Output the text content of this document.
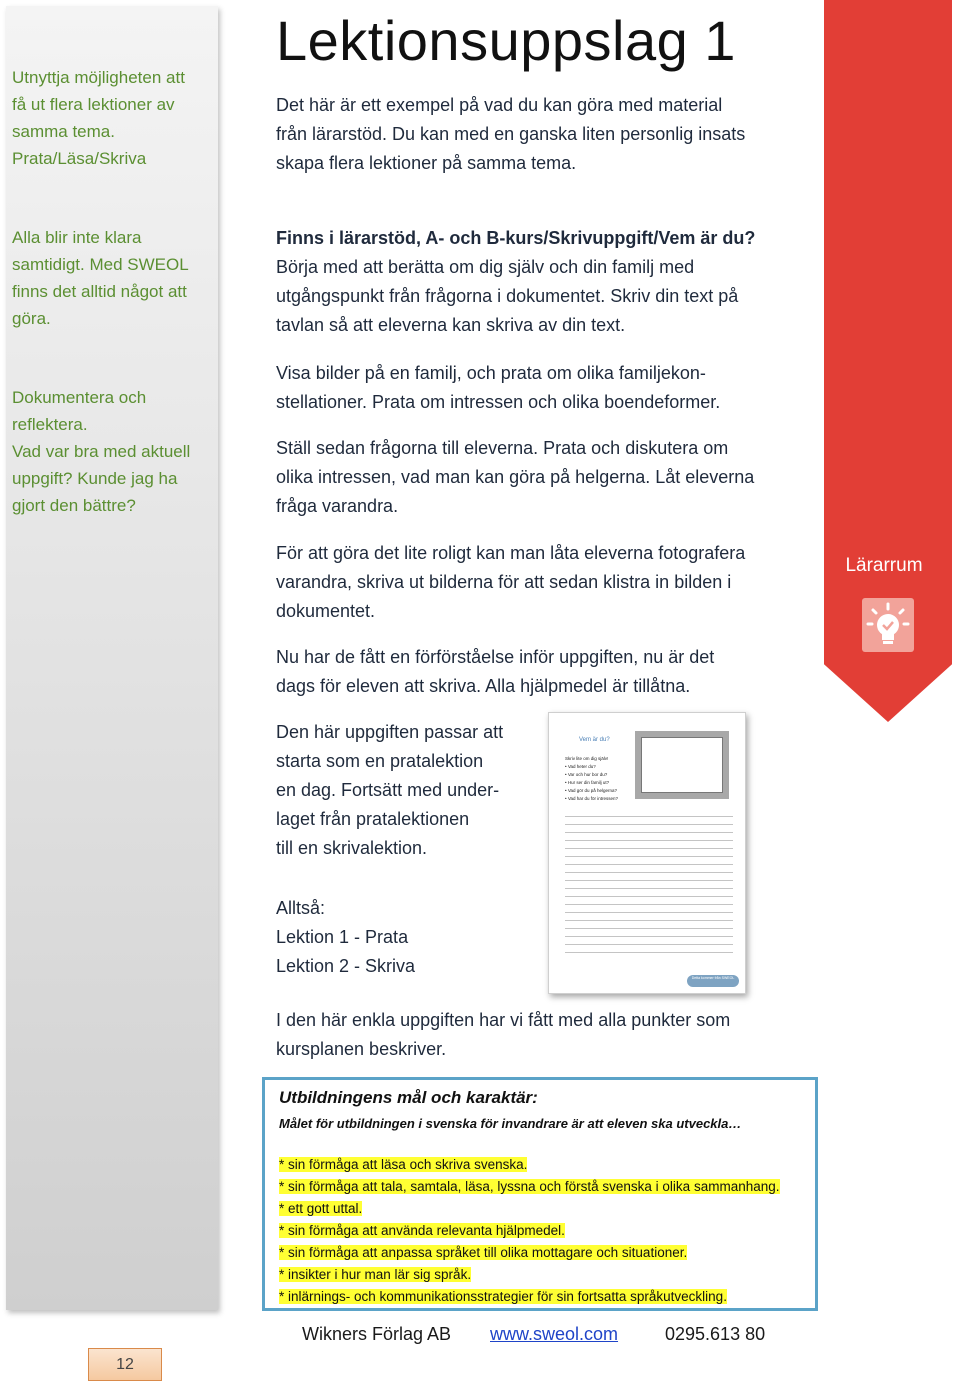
Utnyttja möjligheten att
få ut flera lektioner av
samma tema.
Prata/Läsa/Skriva
Alla blir inte klara
samtidigt. Med SWEOL
finns det alltid något att
göra.
Dokumentera och
reflektera.
Vad var bra med aktuell
uppgift? Kunde jag ha
gjort den bättre?
Lärarrum
Lektionsuppslag 1
Det här är ett exempel på vad du kan göra med material
från lärarstöd. Du kan med en ganska liten personlig insats
skapa flera lektioner på samma tema.
Finns i lärarstöd, A- och B-kurs/Skrivuppgift/Vem är du?
Börja med att berätta om dig själv och din familj med
utgångspunkt från frågorna i dokumentet. Skriv din text på
tavlan så att eleverna kan skriva av din text.
Visa bilder på en familj, och prata om olika familjekon-
stellationer. Prata om intressen och olika boendeformer.
Ställ sedan frågorna till eleverna. Prata och diskutera om
olika intressen, vad man kan göra på helgerna. Låt eleverna
fråga varandra.
För att göra det lite roligt kan man låta eleverna fotografera
varandra, skriva ut bilderna för att sedan klistra in bilden i
dokumentet.
Nu har de fått en förförståelse inför uppgiften, nu är det
dags för eleven att skriva. Alla hjälpmedel är tillåtna.
Den här uppgiften passar att
starta som en pratalektion
en dag. Fortsätt med under-
laget från pratalektionen
till en skrivalektion.
Alltså:
Lektion 1 - Prata
Lektion 2 - Skriva
Vem är du?
Skriv lite om dig själv!
• Vad heter du?
• Var och hur bor du?
• Hur ser din familj ut?
• Vad gör du på helgerna?
• Vad har du för intressen?
Detta kommer från SWEOL
I den här enkla uppgiften har vi fått med alla punkter som
kursplanen beskriver.
Utbildningens mål och karaktär:
Målet för utbildningen i svenska för invandrare är att eleven ska utveckla…
* sin förmåga att läsa och skriva svenska.
* sin förmåga att tala, samtala, läsa, lyssna och förstå svenska i olika sammanhang.
* ett gott uttal.
* sin förmåga att använda relevanta hjälpmedel.
* sin förmåga att anpassa språket till olika mottagare och situationer.
* insikter i hur man lär sig språk.
* inlärnings- och kommunikationsstrategier för sin fortsatta språkutveckling.
Wikners Förlag AB www.sweol.com	0295.613 80
12
